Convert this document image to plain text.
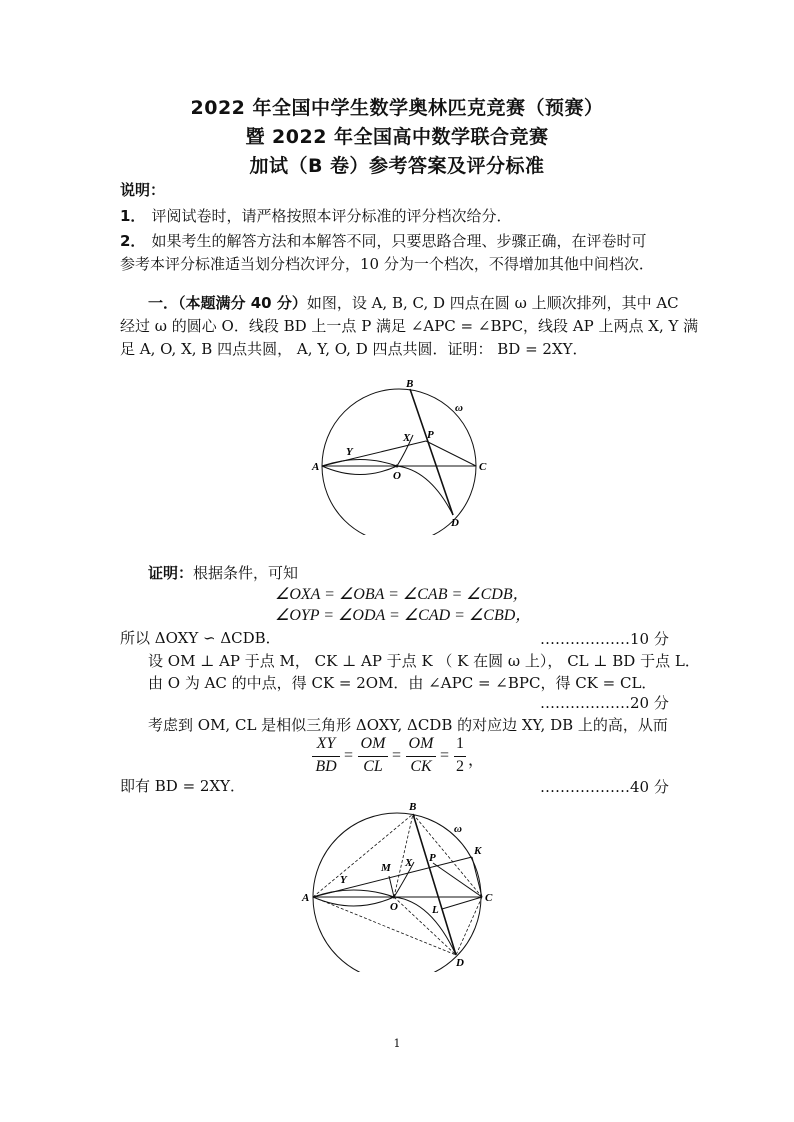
2022 年全国中学生数学奥林匹克竞赛（预赛）
暨 2022 年全国高中数学联合竞赛
加试（B 卷）参考答案及评分标准
说明：
1． 评阅试卷时，请严格按照本评分标准的评分档次给分．
2． 如果考生的解答方法和本解答不同，只要思路合理、步骤正确，在评卷时可
参考本评分标准适当划分档次评分，10 分为一个档次，不得增加其他中间档次．
一．（本题满分 40 分）如图，设 A, B, C, D 四点在圆 ω 上顺次排列，其中 AC
经过 ω 的圆心 O．线段 BD 上一点 P 满足 ∠APC = ∠BPC，线段 AP 上两点 X, Y 满
足 A, O, X, B 四点共圆， A, Y, O, D 四点共圆．证明： BD = 2XY．
B
ω
X P
Y
A
O
C
D
证明：根据条件，可知
∠OXA = ∠OBA = ∠CAB = ∠CDB，
∠OYP = ∠ODA = ∠CAD = ∠CBD，
所以 ΔOXY ∽ ΔCDB．	………………10 分
设 OM ⊥ AP 于点 M， CK ⊥ AP 于点 K （ K 在圆 ω 上）， CL ⊥ BD 于点 L．
由 O 为 AC 的中点，得 CK = 2OM．由 ∠APC = ∠BPC，得 CK = CL．
………………20 分
考虑到 OM, CL 是相似三角形 ΔOXY, ΔCDB 的对应边 XY, DB 上的高，从而
XY
BD
=
OM
CL
=
OM
CK
=
1
2 ，
即有 BD = 2XY．	………………40 分
B
ω
K
M X P
Y
A
O	L
C
D
1
